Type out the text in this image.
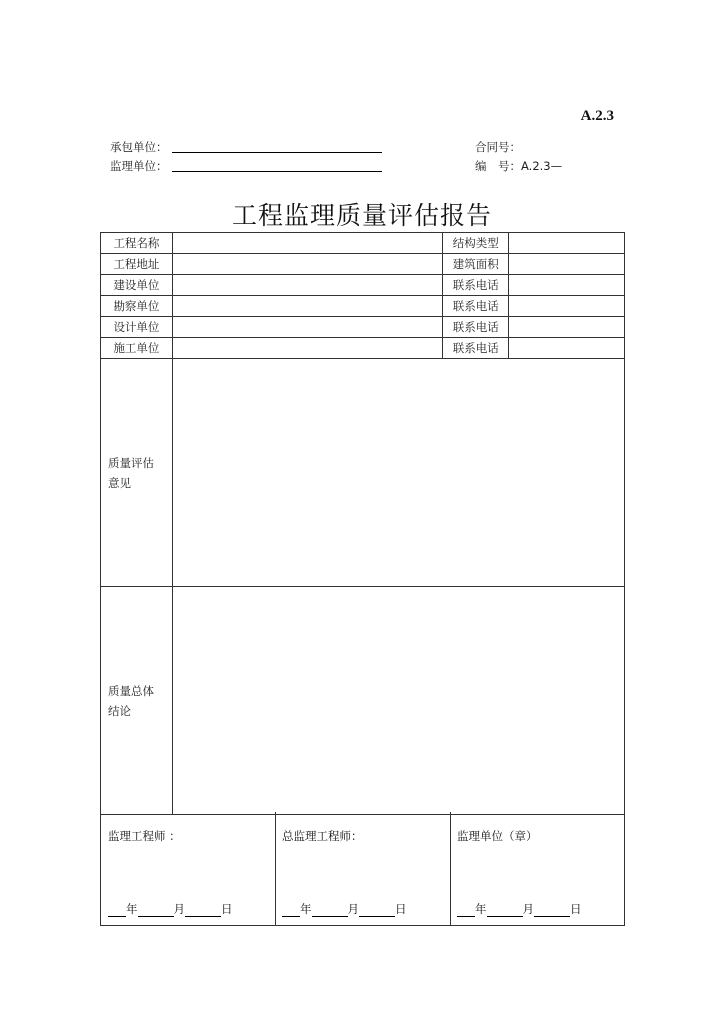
A.2.3
承包单位：
监理单位：
合同号：
编　号：A.2.3—
工程监理质量评估报告
工程名称		结构类型	
工程地址		建筑面积	
建设单位		联系电话	
勘察单位		联系电话	
设计单位		联系电话	
施工单位		联系电话	
质量评估
意见			
质量总体
结论			
监理工程师 ：
年	月	日
总监理工程师：
年	月	日
监理单位（章）
年	月	日
